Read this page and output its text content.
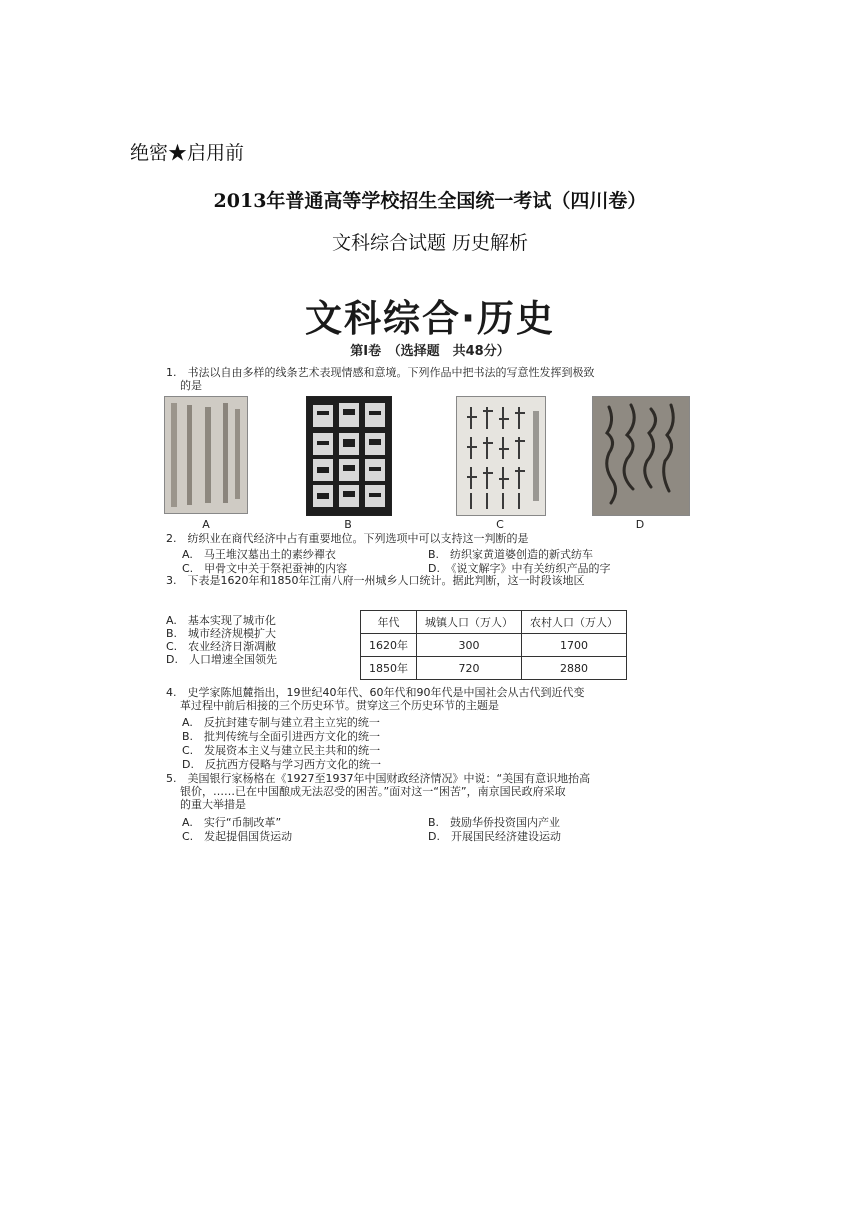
绝密★启用前
2013年普通高等学校招生全国统一考试（四川卷）
文科综合试题 历史解析
文科综合·历史
第Ⅰ卷　（选择题　共48分）
1.　书法以自由多样的线条艺术表现情感和意境。下列作品中把书法的写意性发挥到极致
的是
A	B	C	D
2.　纺织业在商代经济中占有重要地位。下列选项中可以支持这一判断的是
A.　马王堆汉墓出土的素纱襌衣	B.　纺织家黄道婆创造的新式纺车
C.　甲骨文中关于祭祀蚕神的内容	D.　《说文解字》中有关纺织产品的字
3.　下表是1620年和1850年江南八府一州城乡人口统计。据此判断，这一时段该地区
A.　基本实现了城市化
B.　城市经济规模扩大
C.　农业经济日渐凋敝
D.　人口增速全国领先
年代	城镇人口（万人）	农村人口（万人）
1620年	300	1700
1850年	720	2880
4.　史学家陈旭麓指出，19世纪40年代、60年代和90年代是中国社会从古代到近代变
革过程中前后相接的三个历史环节。贯穿这三个历史环节的主题是
A.　反抗封建专制与建立君主立宪的统一
B.　批判传统与全面引进西方文化的统一
C.　发展资本主义与建立民主共和的统一
D.　反抗西方侵略与学习西方文化的统一
5.　美国银行家杨格在《1927至1937年中国财政经济情况》中说：“美国有意识地抬高
银价，……已在中国酿成无法忍受的困苦。”面对这一“困苦”，南京国民政府采取
的重大举措是
A.　实行“币制改革”	B.　鼓励华侨投资国内产业
C.　发起提倡国货运动	D.　开展国民经济建设运动
